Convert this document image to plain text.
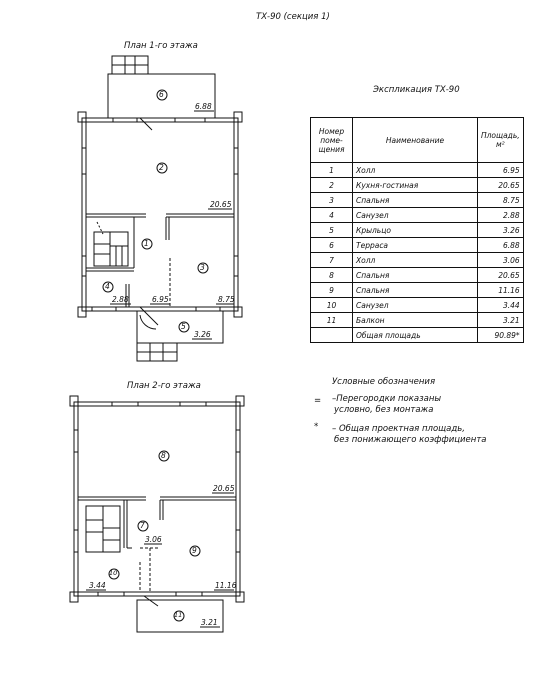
ТХ-90 (секция 1)
План 1-го этажа
План 2-го этажа
Экспликация ТХ-90
6
2
1
3
4
5
6.88
20.65
2.88	6.95	8.75
3.26
8
7
9
10
11
20.65
3.06
3.44	11.16
3.21
Номер поме- щения	Наименование	Площадь, м²
1	Холл	6.95
2	Кухня-гостиная	20.65
3	Спальня	8.75
4	Санузел	2.88
5	Крыльцо	3.26
6	Терраса	6.88
7	Холл	3.06
8	Спальня	20.65
9	Спальня	11.16
10	Санузел	3.44
11	Балкон	3.21
	Общая площадь	90.89*
Условные обозначения
= –Перегородки показаны
условно, без монтажа
* – Общая проектная площадь,
без понижающего коэффициента
